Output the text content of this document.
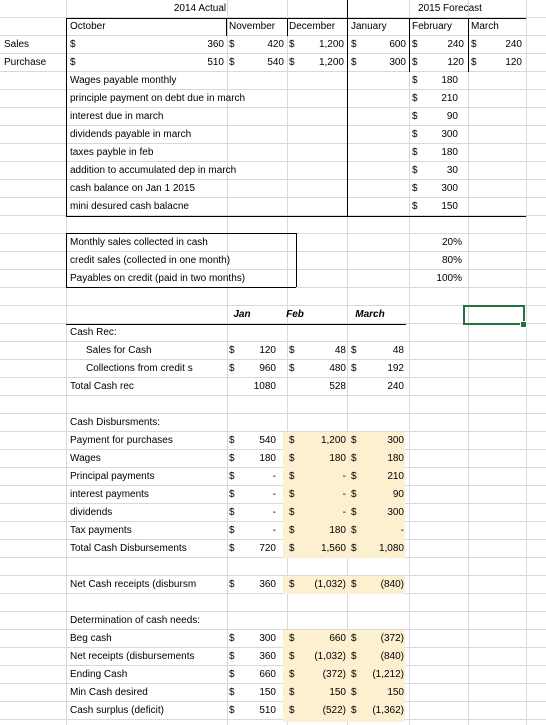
2014 Actual	2015 Forecast
October	November	December	January	February	March
Jan	Feb	March
Sales	$	360 $	420 $	1,200 $	600 $	240 $	240
Purchase	$	510 $	540 $	1,200 $	300 $	120 $	120
Wages payable monthly	$	180
principle payment on debt due in march	$	210
interest due in march	$	90
dividends payable in march	$	300
taxes payble in feb	$	180
addition to accumulated dep in march	$	30
cash balance on Jan 1 2015	$	300
mini desured cash balacne	$	150
Monthly sales collected in cash	20%
credit sales (collected in one month)	80%
Payables on credit (paid in two months)	100%
Cash Rec:
Sales for Cash	$	120 $	48 $	48
Collections from credit s	$	960 $	480 $	192
Total Cash rec	1080	528	240
Cash Disbursments:
Payment for purchases	$	540 $	1,200 $	300
Wages	$	180 $	180 $	180
Principal payments	$	- $	- $	210
interest payments	$	- $	- $	90
dividends	$	- $	- $	300
Tax payments	$	- $	180 $	-
Total Cash Disbursements	$	720 $	1,560 $	1,080
Net Cash receipts (disbursm	$	360 $	(1,032) $	(840)
Determination of cash needs:
Beg cash	$	300 $	660 $	(372)
Net receipts (disbursements	$	360 $	(1,032) $	(840)
Ending Cash	$	660 $	(372) $	(1,212)
Min Cash desired	$	150 $	150 $	150
Cash surplus (deficit)	$	510 $	(522) $	(1,362)
